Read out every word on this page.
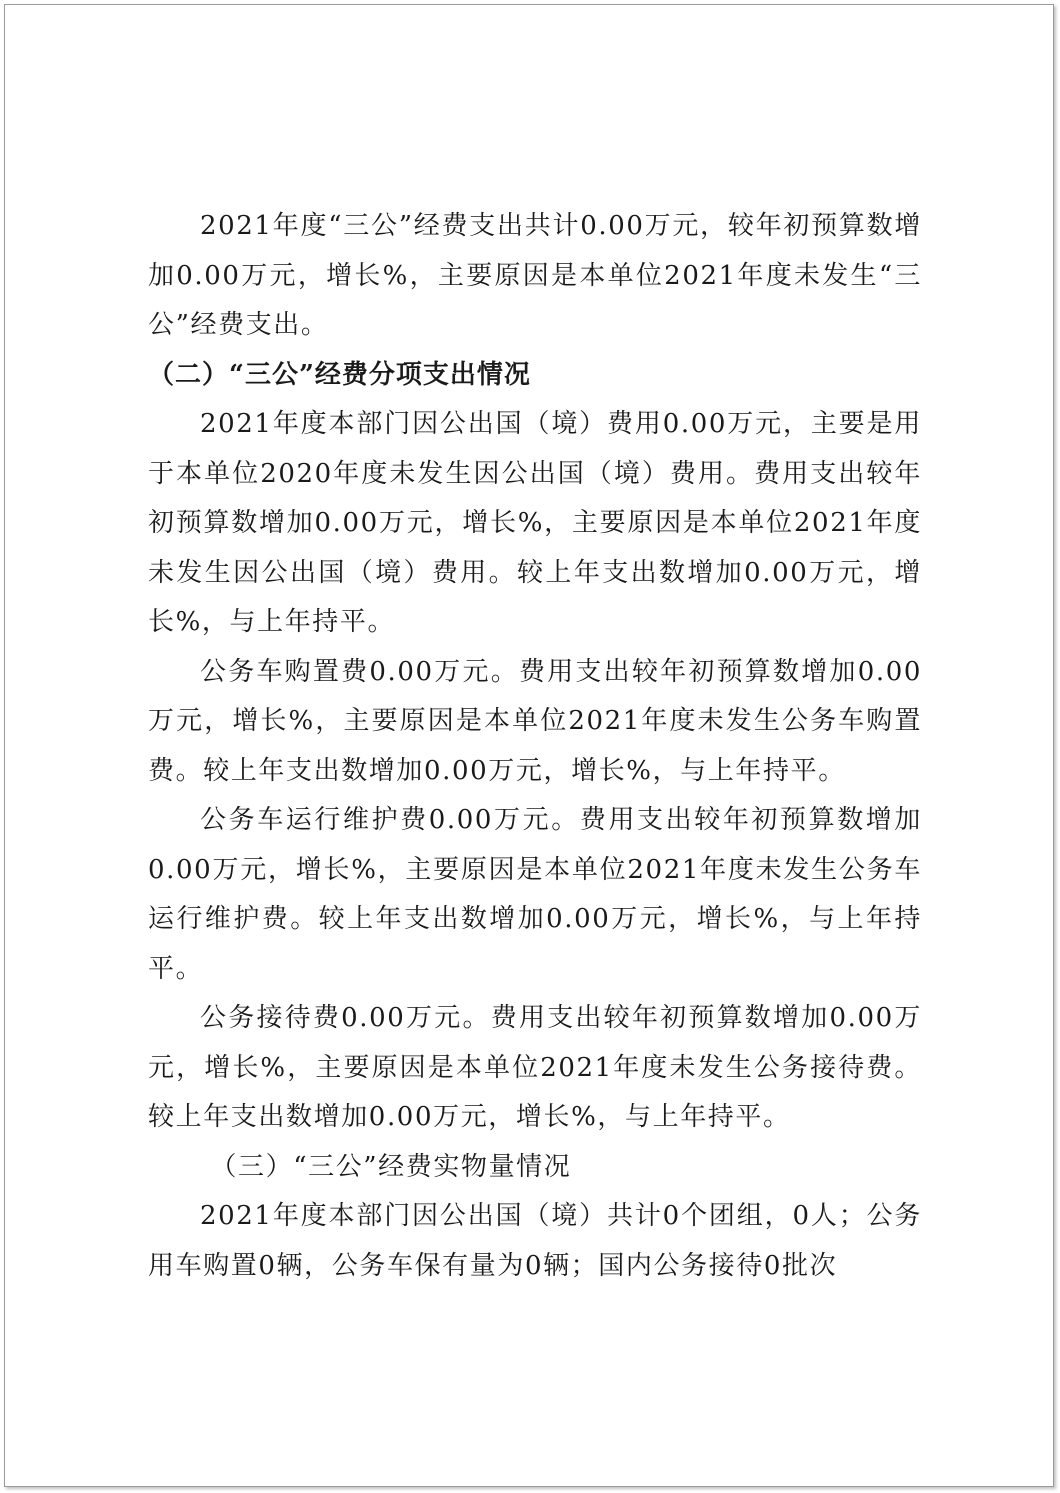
2021年度“三公”经费支出共计0.00万元，较年初预算数增加0.00万元，增长%，主要原因是本单位2021年度未发生“三公”经费支出。

（二）“三公”经费分项支出情况

2021年度本部门因公出国（境）费用0.00万元，主要是用于本单位2020年度未发生因公出国（境）费用。费用支出较年初预算数增加0.00万元，增长%，主要原因是本单位2021年度未发生因公出国（境）费用。较上年支出数增加0.00万元，增长%，与上年持平。

公务车购置费0.00万元。费用支出较年初预算数增加0.00万元，增长%，主要原因是本单位2021年度未发生公务车购置费。较上年支出数增加0.00万元，增长%，与上年持平。

公务车运行维护费0.00万元。费用支出较年初预算数增加0.00万元，增长%，主要原因是本单位2021年度未发生公务车运行维护费。较上年支出数增加0.00万元，增长%，与上年持平。

公务接待费0.00万元。费用支出较年初预算数增加0.00万元，增长%，主要原因是本单位2021年度未发生公务接待费。较上年支出数增加0.00万元，增长%，与上年持平。

（三）“三公”经费实物量情况

2021年度本部门因公出国（境）共计0个团组，0人；公务用车购置0辆，公务车保有量为0辆；国内公务接待0批次
